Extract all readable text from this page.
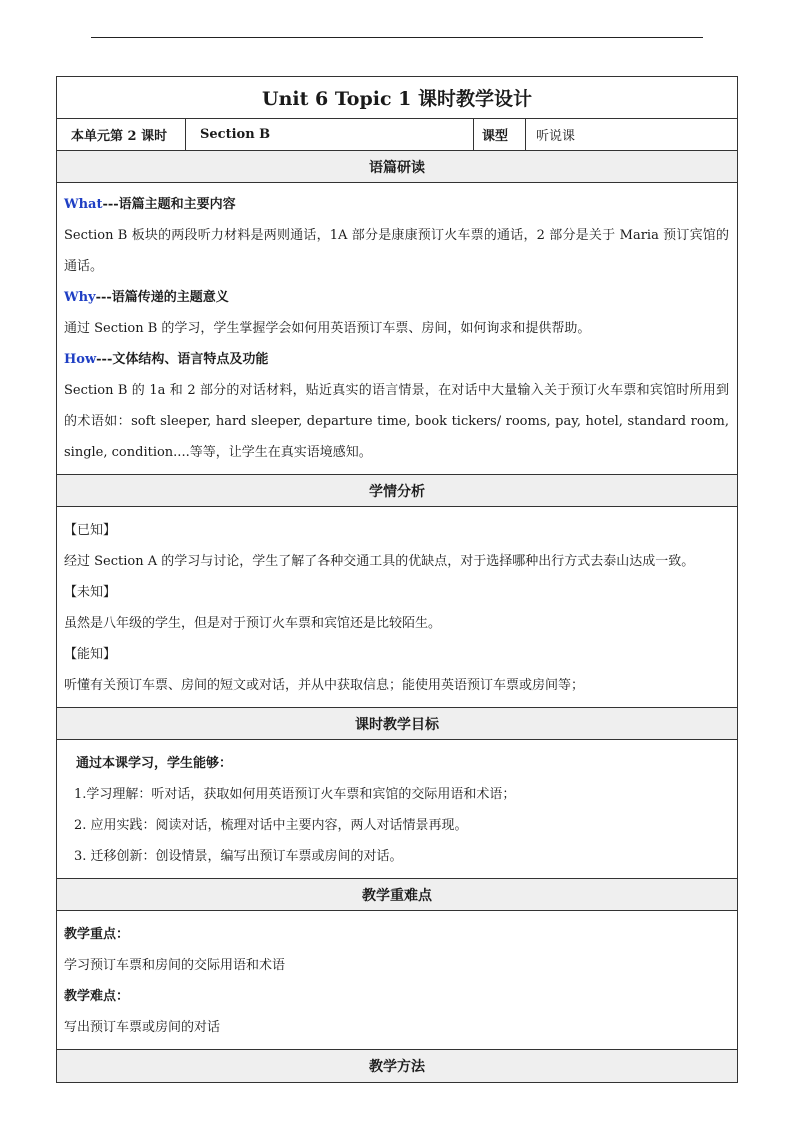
Unit 6 Topic 1 课时教学设计
本单元第 2 课时	Section B	课型	听说课
语篇研读

What---语篇主题和主要内容

Section B 板块的两段听力材料是两则通话，1A 部分是康康预订火车票的通话，2 部分是关于 Maria 预订宾馆的通话。

Why---语篇传递的主题意义

通过 Section B 的学习，学生掌握学会如何用英语预订车票、房间，如何询求和提供帮助。

How---文体结构、语言特点及功能

Section B 的 1a 和 2 部分的对话材料，贴近真实的语言情景，在对话中大量输入关于预订火车票和宾馆时所用到的术语如：soft sleeper, hard sleeper, departure time, book tickers/ rooms, pay, hotel, standard room, single, condition....等等，让学生在真实语境感知。

学情分析

【已知】

经过 Section A 的学习与讨论，学生了解了各种交通工具的优缺点，对于选择哪种出行方式去泰山达成一致。

【未知】

虽然是八年级的学生，但是对于预订火车票和宾馆还是比较陌生。

【能知】

听懂有关预订车票、房间的短文或对话，并从中获取信息；能使用英语预订车票或房间等；

课时教学目标

通过本课学习，学生能够：

1.学习理解：听对话，获取如何用英语预订火车票和宾馆的交际用语和术语；

2. 应用实践：阅读对话，梳理对话中主要内容，两人对话情景再现。

3. 迁移创新：创设情景，编写出预订车票或房间的对话。

教学重难点

教学重点：

学习预订车票和房间的交际用语和术语

教学难点：

写出预订车票或房间的对话

教学方法
